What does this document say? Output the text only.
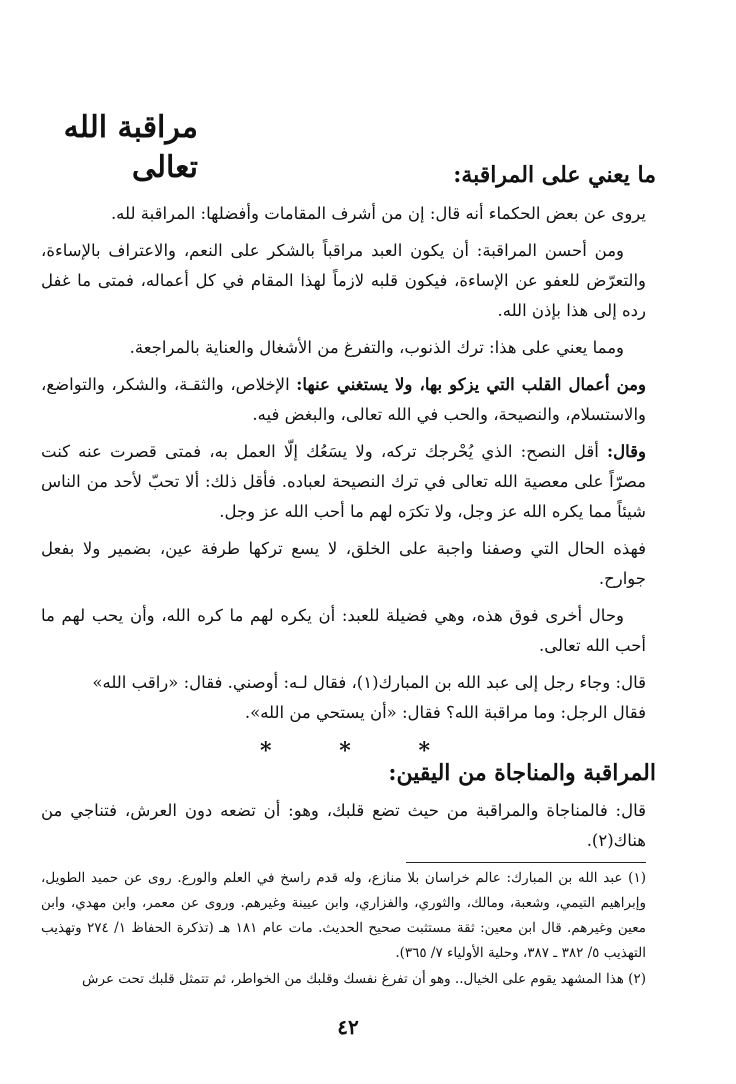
مراقبة الله تعالى	ما يعني على المراقبة:
يروى عن بعض الحكماء أنه قال: إن من أشرف المقامات وأفضلها: المراقبة لله.
ومن أحسن المراقبة: أن يكون العبد مراقباً بالشكر على النعم، والاعتراف بالإساءة، والتعرّض للعفو عن الإساءة، فيكون قلبه لازماً لهذا المقام في كل أعماله، فمتى ما غفل رده إلى هذا بإذن الله.
ومما يعني على هذا: ترك الذنوب، والتفرغ من الأشغال والعناية بالمراجعة.
ومن أعمال القلب التي يزكو بها، ولا يستغني عنها: الإخلاص، والثقـة، والشكر، والتواضع، والاستسلام، والنصيحة، والحب في الله تعالى، والبغض فيه.
وقال: أقل النصح: الذي يُحْرجك تركه، ولا يسَعُك إلّا العمل به، فمتى قصرت عنه كنت مصرّاً على معصية الله تعالى في ترك النصيحة لعباده. فأقل ذلك: ألا تحبّ لأحد من الناس شيئاً مما يكره الله عز وجل، ولا تكرَه لهم ما أحب الله عز وجل.
فهذه الحال التي وصفنا واجبة على الخلق، لا يسع تركها طرفة عين، بضمير ولا بفعل جوارح.
وحال أخرى فوق هذه، وهي فضيلة للعبد: أن يكره لهم ما كره الله، وأن يحب لهم ما أحب الله تعالى.
قال: وجاء رجل إلى عبد الله بن المبارك(١)، فقال لـه: أوصني. فقال: «راقب الله»
فقال الرجل: وما مراقبة الله؟ فقال: «أن يستحي من الله».
*	*	*
المراقبة والمناجاة من اليقين:
قال: فالمناجاة والمراقبة من حيث تضع قلبك، وهو: أن تضعه دون العرش، فتناجي من هناك(٢).
(١) عبد الله بن المبارك: عالم خراسان بلا منازع، وله قدم راسخ في العلم والورع. روى عن حميد الطويل، وإبراهيم التيمي، وشعبة، ومالك، والثوري، والفزاري، وابن عيينة وغيرهم. وروى عن معمر، وابن مهدي، وابن معين وغيرهم. قال ابن معين: ثقة مستثبت صحيح الحديث. مات عام ١٨١ هـ (تذكرة الحفاظ ١/ ٢٧٤ وتهذيب التهذيب ٥/ ٣٨٢ ـ ٣٨٧، وحلية الأولياء ٧/ ٣٦٥).
(٢) هذا المشهد يقوم على الخيال.. وهو أن تفرغ نفسك وقلبك من الخواطر، ثم تتمثل قلبك تحت عرش
٤٢
